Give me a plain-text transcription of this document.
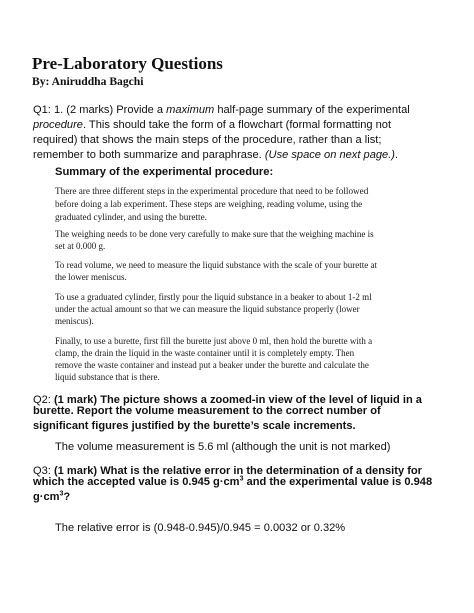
Pre-Laboratory Questions
By: Aniruddha Bagchi
Q1: 1. (2 marks) Provide a maximum half-page summary of the experimental
procedure. This should take the form of a flowchart (formal formatting not
required) that shows the main steps of the procedure, rather than a list;
remember to both summarize and paraphrase. (Use space on next page.).
Summary of the experimental procedure:
There are three different steps in the experimental procedure that need to be followed
before doing a lab experiment. These steps are weighing, reading volume, using the
graduated cylinder, and using the burette.
The weighing needs to be done very carefully to make sure that the weighing machine is
set at 0.000 g.
To read volume, we need to measure the liquid substance with the scale of your burette at
the lower meniscus.
To use a graduated cylinder, firstly pour the liquid substance in a beaker to about 1-2 ml
under the actual amount so that we can measure the liquid substance properly (lower
meniscus).
Finally, to use a burette, first fill the burette just above 0 ml, then hold the burette with a
clamp, the drain the liquid in the waste container until it is completely empty. Then
remove the waste container and instead put a beaker under the burette and calculate the
liquid substance that is there.
Q2: (1 mark) The picture shows a zoomed-in view of the level of liquid in a
burette. Report the volume measurement to the correct number of
significant figures justified by the burette’s scale increments.
The volume measurement is 5.6 ml (although the unit is not marked)
Q3: (1 mark) What is the relative error in the determination of a density for
which the accepted value is 0.945 $g\cdot cm^3$ and the experimental value is 0.948
$g\cdot cm^3$?
The relative error is (0.948-0.945)/0.945 = 0.0032 or 0.32%
